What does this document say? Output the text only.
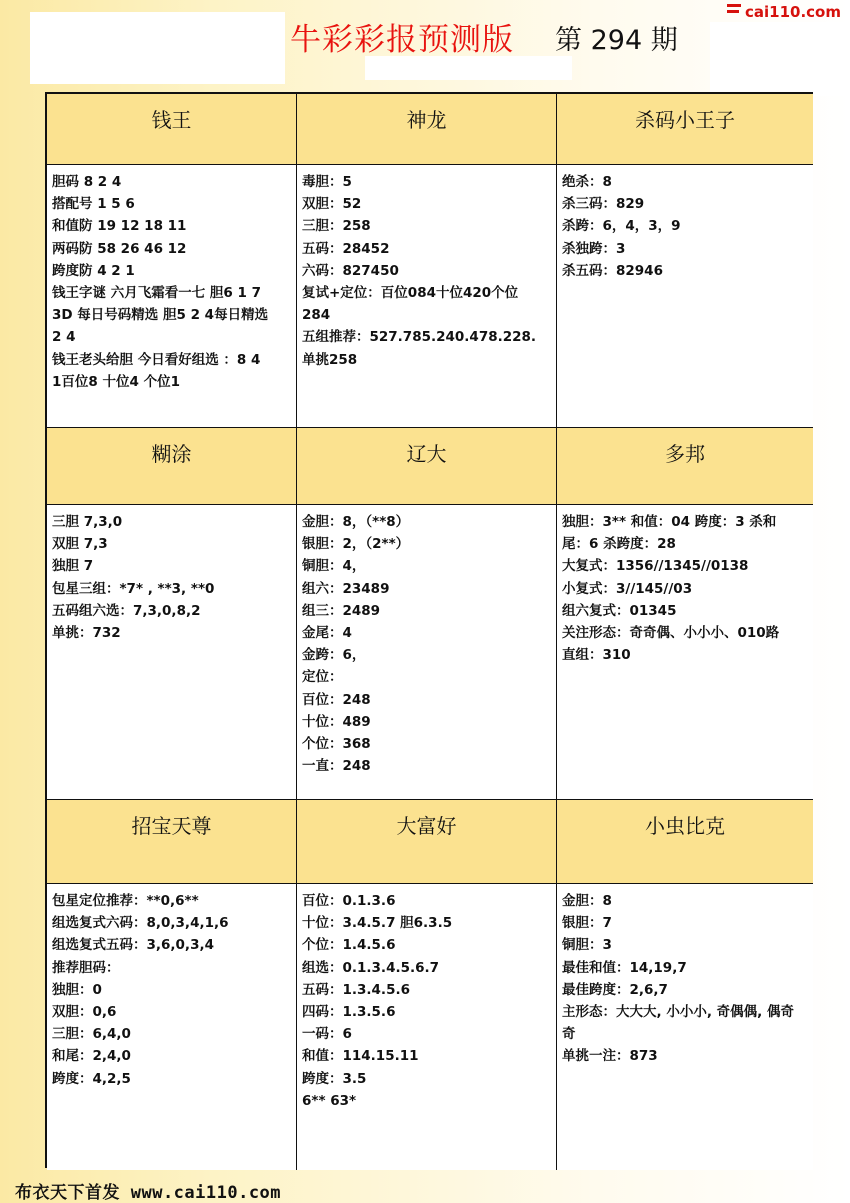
牛彩彩报预测版 第 294 期
cai110.com
钱王
胆码 8 2 4
搭配号 1 5 6
和值防 19 12 18 11
两码防 58 26 46 12
跨度防 4 2 1
钱王字谜 六月飞霜看一七 胆6 1 7
3D 每日号码精选 胆5 2 4每日精选
2 4
钱王老头给胆 今日看好组选 ：8 4
1百位8 十位4 个位1
神龙
毒胆：5
双胆：52
三胆：258
五码：28452
六码：827450
复试+定位：百位084十位420个位
284
五组推荐：527.785.240.478.228.
单挑258
杀码小王子
绝杀：8
杀三码：829
杀跨：6，4，3，9
杀独跨：3
杀五码：82946
糊涂
三胆 7,3,0
双胆 7,3
独胆 7
包星三组：*7* , **3, **0
五码组六选：7,3,0,8,2
单挑：732
辽大
金胆：8，（**8）
银胆：2，（2**）
铜胆：4，
组六：23489
组三：2489
金尾：4
金跨：6，
定位：
百位：248
十位：489
个位：368
一直：248
多邦
独胆：3** 和值：04 跨度：3 杀和
尾：6 杀跨度：28
大复式：1356//1345//0138
小复式：3//145//03
组六复式：01345
关注形态：奇奇偶、小小小、010路
直组：310
招宝天尊
包星定位推荐：**0,6**
组选复式六码：8,0,3,4,1,6
组选复式五码：3,6,0,3,4
推荐胆码：
独胆：0
双胆：0,6
三胆：6,4,0
和尾：2,4,0
跨度：4,2,5
大富好
百位：0.1.3.6
十位：3.4.5.7 胆6.3.5
个位：1.4.5.6
组选：0.1.3.4.5.6.7
五码：1.3.4.5.6
四码：1.3.5.6
一码：6
和值：114.15.11
跨度：3.5
6** 63*
小虫比克
金胆：8
银胆：7
铜胆：3
最佳和值：14,19,7
最佳跨度：2,6,7
主形态：大大大, 小小小, 奇偶偶, 偶奇
奇
单挑一注：873
布衣天下首发 www.cai110.com
